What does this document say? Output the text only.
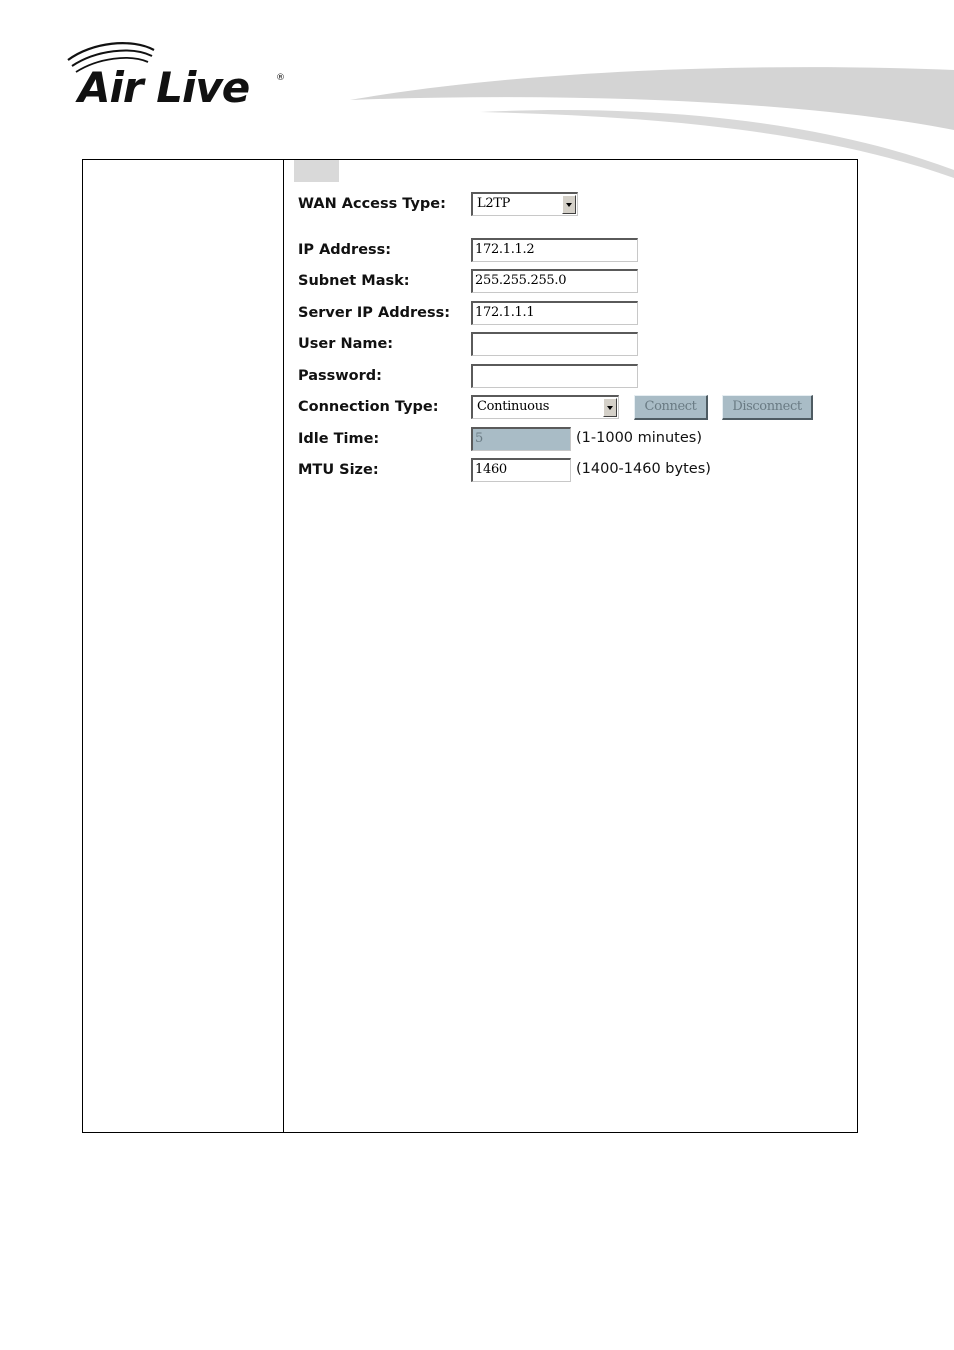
Air Live	®
WAN Access Type:	L2TP
IP Address:	172.1.1.2
Subnet Mask:	255.255.255.0
Server IP Address:	172.1.1.1
User Name:
Password:
Connection Type:	Continuous	Connect	Disconnect
Idle Time:	5	(1-1000 minutes)
MTU Size:	1460	(1400-1460 bytes)
